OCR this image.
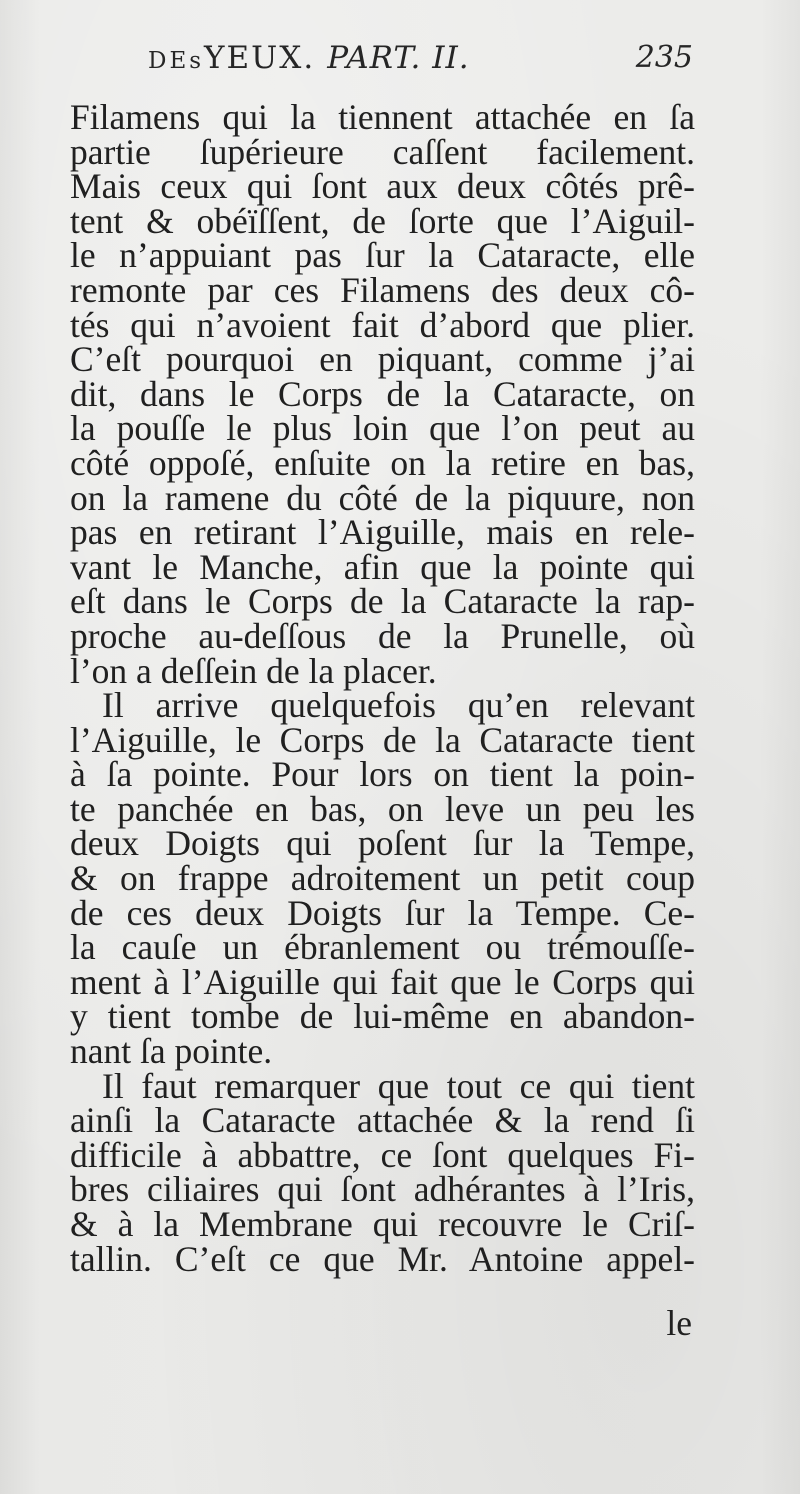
DEsYEUX. PART. II.	235
Filamens qui la tiennent attachée en ſa
partie ſupérieure caſſent facilement.
Mais ceux qui ſont aux deux côtés prê-
tent & obéïſſent, de ſorte que l’Aiguil-
le n’appuiant pas ſur la Cataracte, elle
remonte par ces Filamens des deux cô-
tés qui n’avoient fait d’abord que plier.
C’eſt pourquoi en piquant, comme j’ai
dit, dans le Corps de la Cataracte, on
la pouſſe le plus loin que l’on peut au
côté oppoſé, enſuite on la retire en bas,
on la ramene du côté de la piquure, non
pas en retirant l’Aiguille, mais en rele-
vant le Manche, afin que la pointe qui
eſt dans le Corps de la Cataracte la rap-
proche au-deſſous de la Prunelle, où
l’on a deſſein de la placer.
Il arrive quelquefois qu’en relevant
l’Aiguille, le Corps de la Cataracte tient
à ſa pointe. Pour lors on tient la poin-
te panchée en bas, on leve un peu les
deux Doigts qui poſent ſur la Tempe,
& on frappe adroitement un petit coup
de ces deux Doigts ſur la Tempe. Ce-
la cauſe un ébranlement ou trémouſſe-
ment à l’Aiguille qui fait que le Corps qui
y tient tombe de lui-même en abandon-
nant ſa pointe.
Il faut remarquer que tout ce qui tient
ainſi la Cataracte attachée & la rend ſi
difficile à abbattre, ce ſont quelques Fi-
bres ciliaires qui ſont adhérantes à l’Iris,
& à la Membrane qui recouvre le Criſ-
tallin. C’eſt ce que Mr. Antoine appel-
le
